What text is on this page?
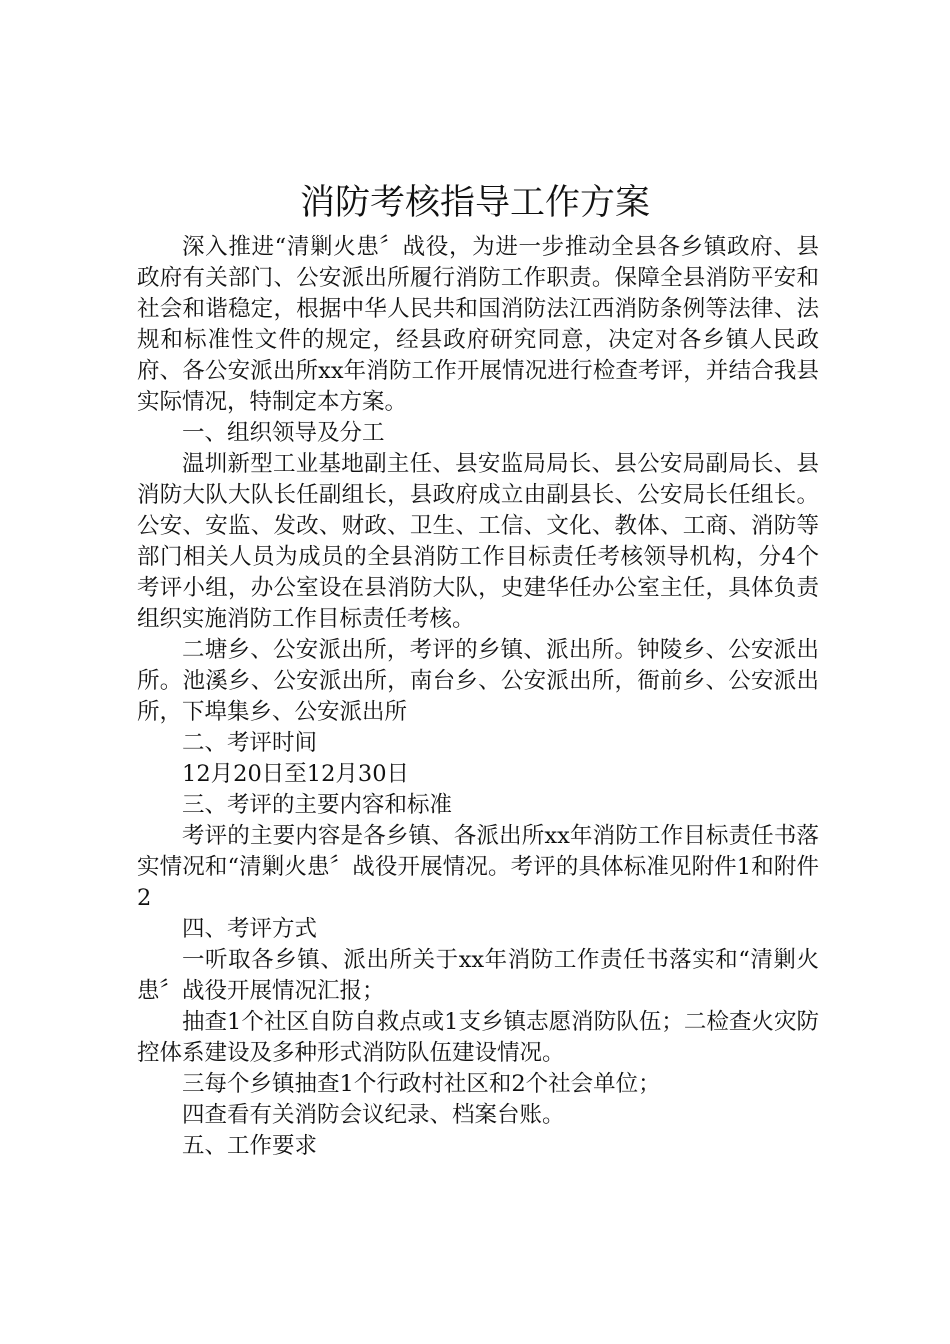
消防考核指导工作方案

深入推进“清剿火患〞战役，为进一步推动全县各乡镇政府、县政府有关部门、公安派出所履行消防工作职责。保障全县消防平安和社会和谐稳定，根据中华人民共和国消防法江西消防条例等法律、法规和标准性文件的规定，经县政府研究同意，决定对各乡镇人民政府、各公安派出所xx年消防工作开展情况进行检查考评，并结合我县实际情况，特制定本方案。

一、组织领导及分工

温圳新型工业基地副主任、县安监局局长、县公安局副局长、县消防大队大队长任副组长，县政府成立由副县长、公安局长任组长。公安、安监、发改、财政、卫生、工信、文化、教体、工商、消防等部门相关人员为成员的全县消防工作目标责任考核领导机构，分4个考评小组，办公室设在县消防大队，史建华任办公室主任，具体负责组织实施消防工作目标责任考核。

二塘乡、公安派出所，考评的乡镇、派出所。钟陵乡、公安派出所。池溪乡、公安派出所，南台乡、公安派出所，衙前乡、公安派出所，下埠集乡、公安派出所

二、考评时间

12月20日至12月30日

三、考评的主要内容和标准

考评的主要内容是各乡镇、各派出所xx年消防工作目标责任书落实情况和“清剿火患〞战役开展情况。考评的具体标准见附件1和附件2

四、考评方式

一听取各乡镇、派出所关于xx年消防工作责任书落实和“清剿火患〞战役开展情况汇报；

抽查1个社区自防自救点或1支乡镇志愿消防队伍；二检查火灾防控体系建设及多种形式消防队伍建设情况。

三每个乡镇抽查1个行政村社区和2个社会单位；

四查看有关消防会议纪录、档案台账。

五、工作要求
